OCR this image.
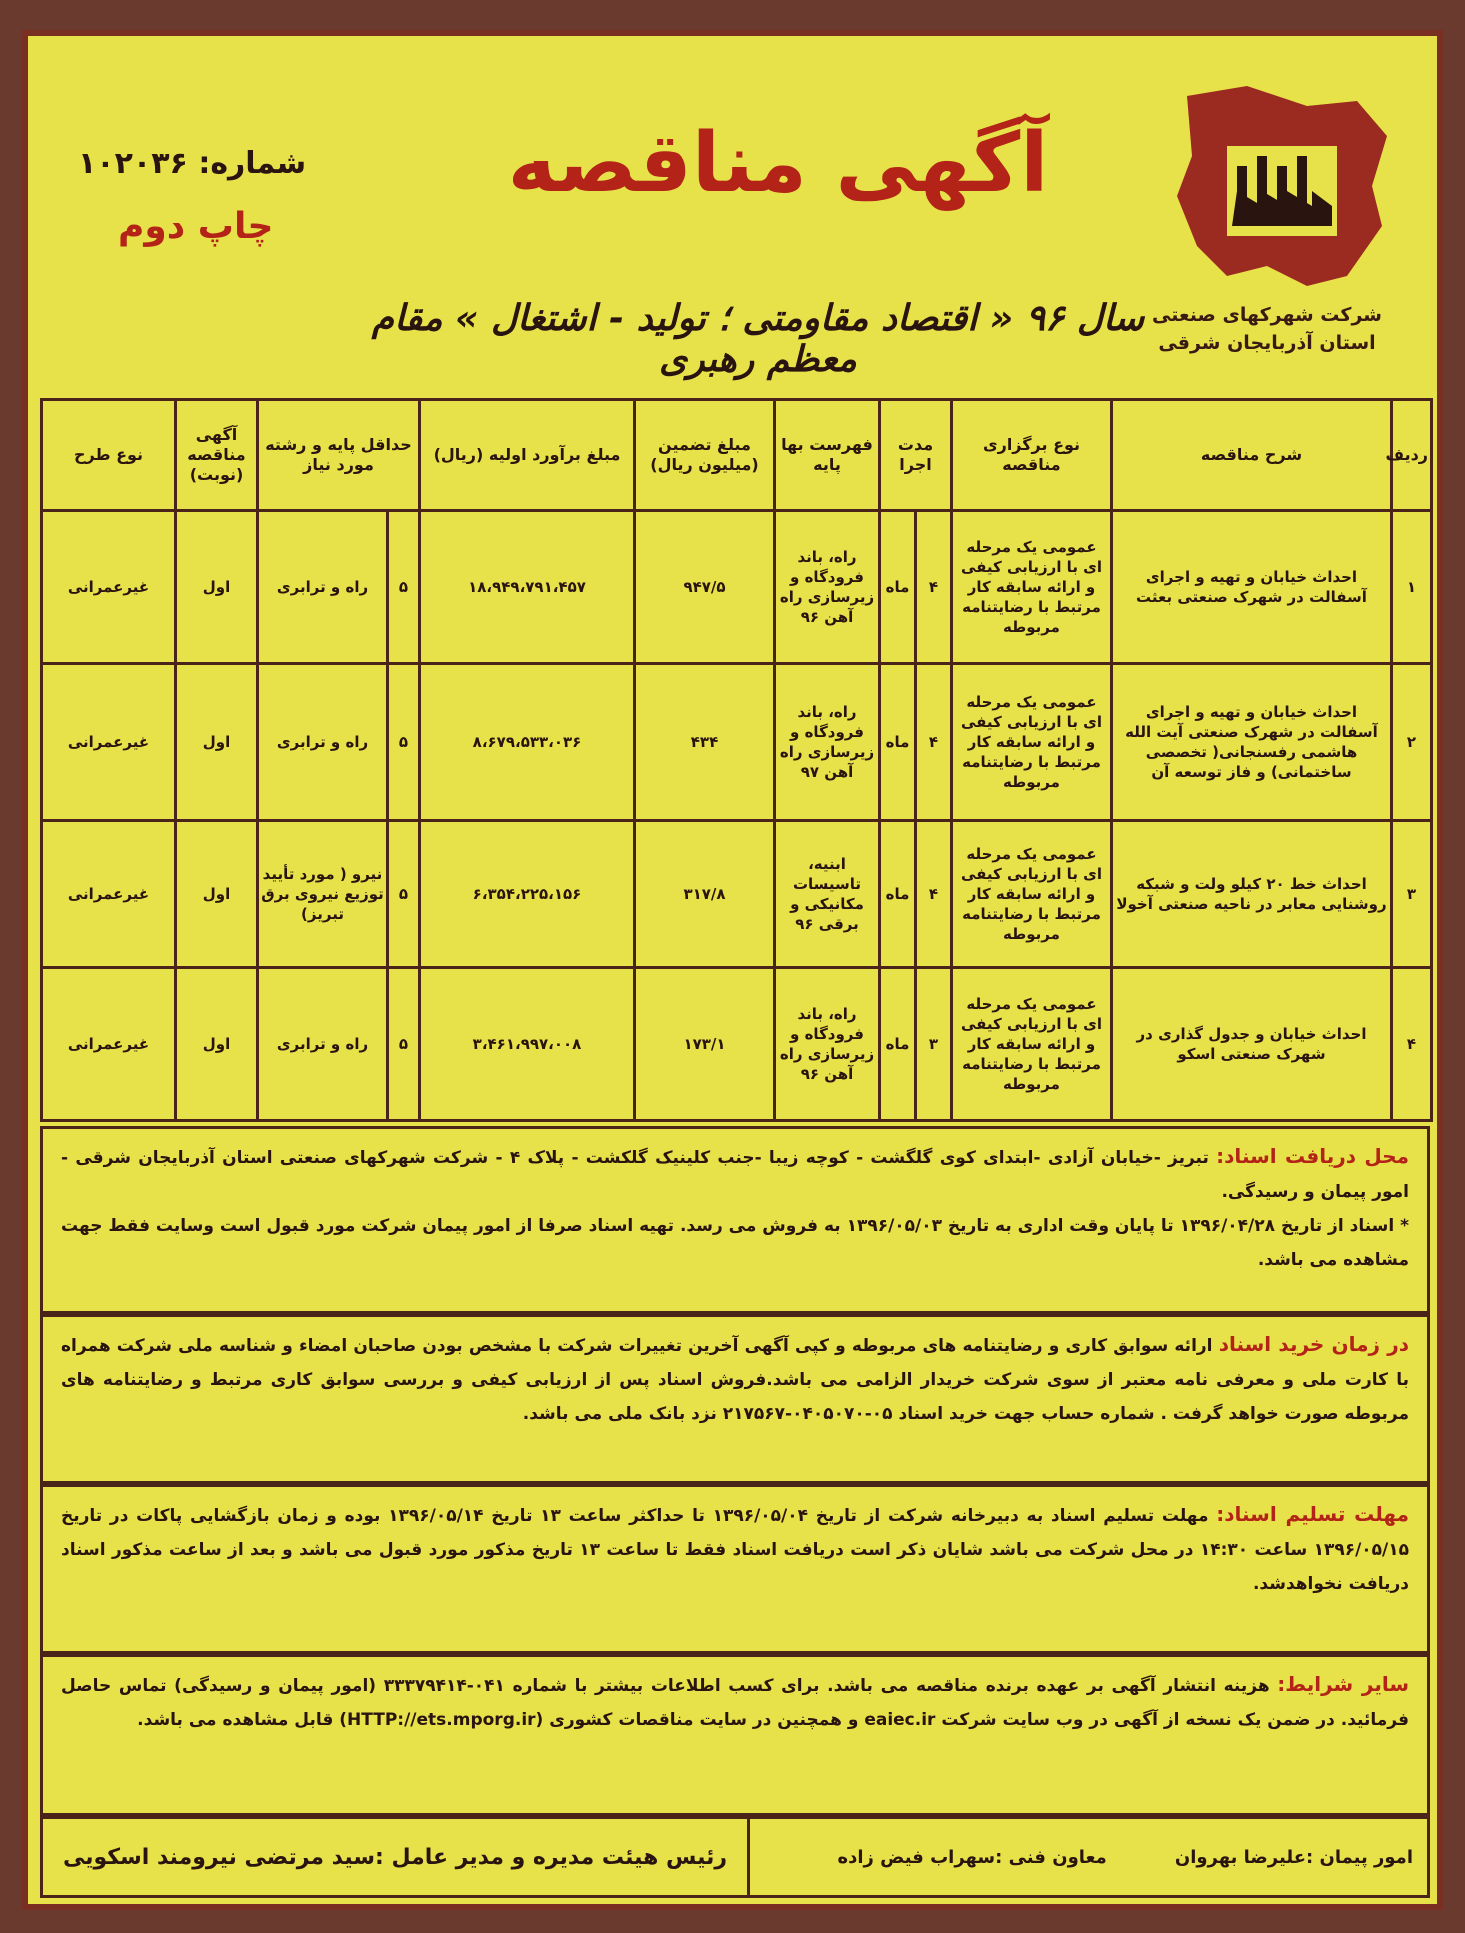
شرکت شهرکهای صنعتی
استان آذربایجان شرقی
آگهی مناقصه
شماره: ۱۰۲۰۳۶
چاپ دوم
سال ۹۶ « اقتصاد مقاومتی ؛ تولید - اشتغال » مقام معظم رهبری
ردیف	شرح مناقصه	نوع برگزاری مناقصه	مدت اجرا		فهرست بها پایه	مبلغ تضمین (میلیون ریال)	مبلغ برآورد اولیه (ریال)	حداقل پایه و رشته مورد نیاز		آگهی مناقصه (نوبت)	نوع طرح
۱	احداث خیابان و تهیه و اجرای آسفالت در شهرک صنعتی بعثت	عمومی یک مرحله ای با ارزیابی کیفی و ارائه سابقه کار مرتبط با رضایتنامه مربوطه	۴	ماه	راه، باند فرودگاه و زیرسازی راه آهن ۹۶	۹۴۷/۵	۱۸،۹۴۹،۷۹۱،۴۵۷	۵	راه و ترابری	اول	غیرعمرانی
۲	احداث خیابان و تهیه و اجرای آسفالت در شهرک صنعتی آیت الله هاشمی رفسنجانی( تخصصی ساختمانی) و فاز توسعه آن	عمومی یک مرحله ای با ارزیابی کیفی و ارائه سابقه کار مرتبط با رضایتنامه مربوطه	۴	ماه	راه، باند فرودگاه و زیرسازی راه آهن ۹۷	۴۳۴	۸،۶۷۹،۵۳۳،۰۳۶	۵	راه و ترابری	اول	غیرعمرانی
۳	احداث خط ۲۰ کیلو ولت و شبکه روشنایی معابر در ناحیه صنعتی آخولا	عمومی یک مرحله ای با ارزیابی کیفی و ارائه سابقه کار مرتبط با رضایتنامه مربوطه	۴	ماه	ابنیه، تاسیسات مکانیکی و برقی ۹۶	۳۱۷/۸	۶،۳۵۴،۲۲۵،۱۵۶	۵	نیرو ( مورد تأیید توزیع نیروی برق تبریز)	اول	غیرعمرانی
۴	احداث خیابان و جدول گذاری در شهرک صنعتی اسکو	عمومی یک مرحله ای با ارزیابی کیفی و ارائه سابقه کار مرتبط با رضایتنامه مربوطه	۳	ماه	راه، باند فرودگاه و زیرسازی راه آهن ۹۶	۱۷۳/۱	۳،۴۶۱،۹۹۷،۰۰۸	۵	راه و ترابری	اول	غیرعمرانی
محل دریافت اسناد: تبریز -خیابان آزادی -ابتدای کوی گلگشت - کوچه زیبا -جنب کلینیک گلکشت - پلاک ۴ - شرکت شهرکهای صنعتی استان آذربایجان شرقی - امور پیمان و رسیدگی.
* اسناد از تاریخ ۱۳۹۶/۰۴/۲۸ تا پایان وقت اداری به تاریخ ۱۳۹۶/۰۵/۰۳ به فروش می رسد. تهیه اسناد صرفا از امور پیمان شرکت مورد قبول است وسایت فقط جهت مشاهده می باشد.
در زمان خرید اسناد ارائه سوابق کاری و رضایتنامه های مربوطه و کپی آگهی آخرین تغییرات شرکت با مشخص بودن صاحبان امضاء و شناسه ملی شرکت همراه با کارت ملی و معرفی نامه معتبر از سوی شرکت خریدار الزامی می باشد.فروش اسناد پس از ارزیابی کیفی و بررسی سوابق کاری مرتبط و رضایتنامه های مربوطه صورت خواهد گرفت . شماره حساب جهت خرید اسناد ۰۵-۰۴۰۵۰۷۰-۲۱۷۵۶۷ نزد بانک ملی می باشد.
مهلت تسلیم اسناد: مهلت تسلیم اسناد به دبیرخانه شرکت از تاریخ ۱۳۹۶/۰۵/۰۴ تا حداکثر ساعت ۱۳ تاریخ ۱۳۹۶/۰۵/۱۴ بوده و زمان بازگشایی پاکات در تاریخ ۱۳۹۶/۰۵/۱۵ ساعت ۱۴:۳۰ در محل شرکت می باشد شایان ذکر است دریافت اسناد فقط تا ساعت ۱۳ تاریخ مذکور مورد قبول می باشد و بعد از ساعت مذکور اسناد دریافت نخواهدشد.
سایر شرایط: هزینه انتشار آگهی بر عهده برنده مناقصه می باشد. برای کسب اطلاعات بیشتر با شماره ۰۴۱-۳۳۳۷۹۴۱۴ (امور پیمان و رسیدگی) تماس حاصل فرمائید. در ضمن یک نسخه از آگهی در وب سایت شرکت eaiec.ir و همچنین در سایت مناقصات کشوری (HTTP://ets.mporg.ir) قابل مشاهده می باشد.
امور پیمان :علیرضا بهروان
معاون فنی :سهراب فیض زاده
رئیس هیئت مدیره و مدیر عامل :سید مرتضی نیرومند اسکویی
